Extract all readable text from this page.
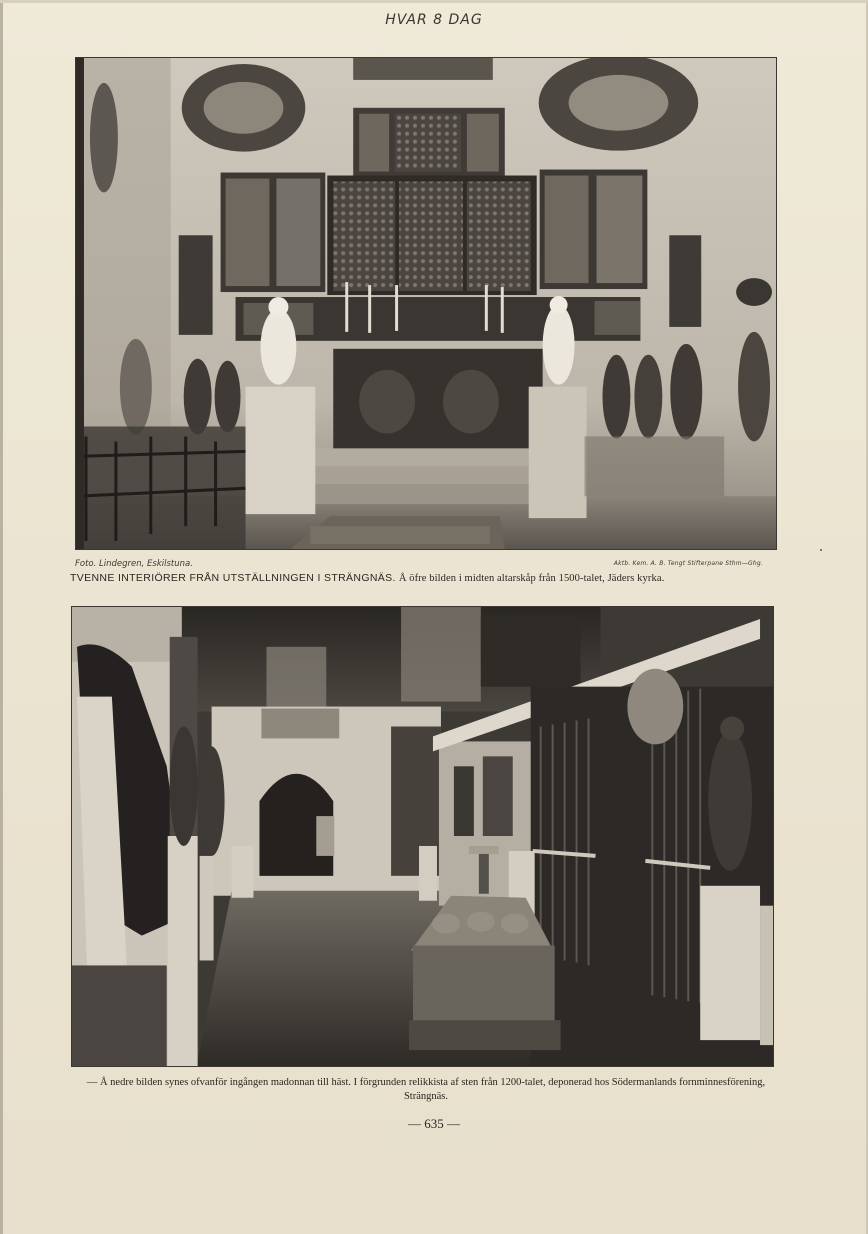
HVAR 8 DAG
Foto. Lindegren, Eskilstuna.	Aktb. Kem. A. B. Tengt Stifterpane Sthm—Ghg.
TVENNE INTERIÖRER FRÅN UTSTÄLLNINGEN I STRÄNGNÄS. Å öfre bilden i midten altarskåp från 1500-talet, Jäders kyrka.
— Å nedre bilden synes ofvanför ingången madonnan till häst. I förgrunden relikkista af sten från 1200-talet, deponerad hos Södermanlands fornminnesförening, Strängnäs.
— 635 —
